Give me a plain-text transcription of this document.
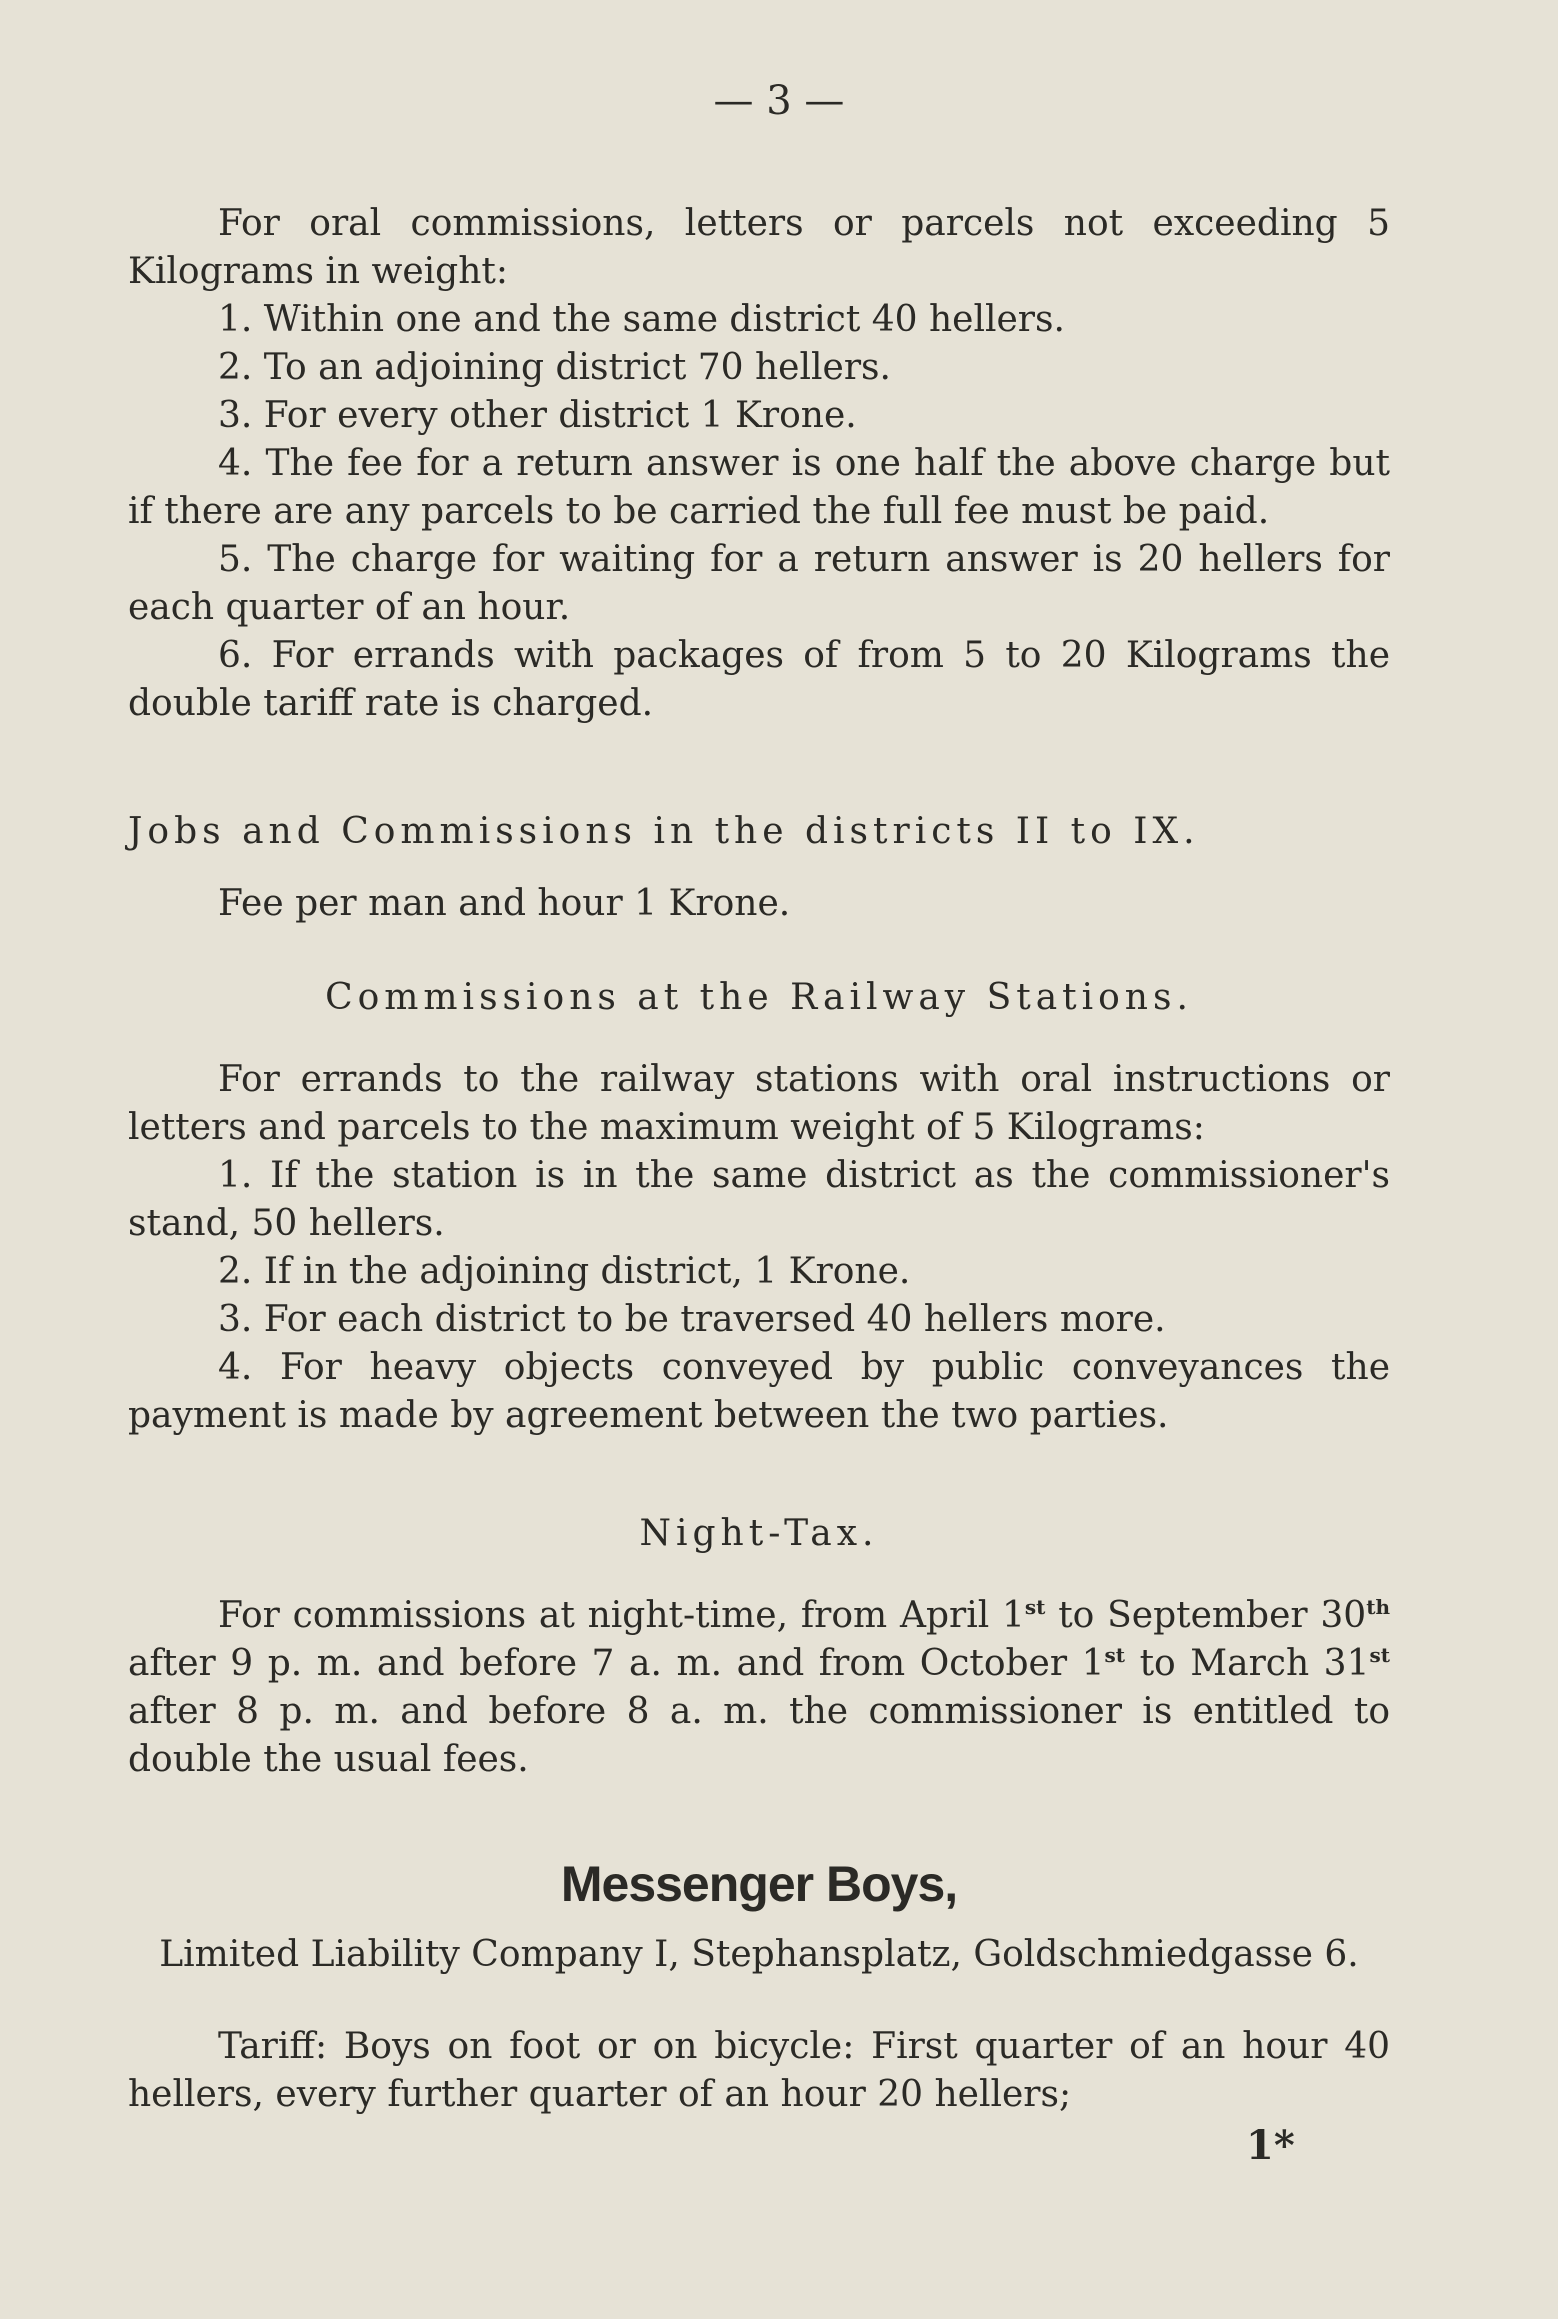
— 3 —

For oral commissions, letters or parcels not exceeding 5 Kilograms in weight:

1. Within one and the same district 40 hellers.

2. To an adjoining district 70 hellers.

3. For every other district 1 Krone.

4. The fee for a return answer is one half the above charge but if there are any parcels to be carried the full fee must be paid.

5. The charge for waiting for a return answer is 20 hellers for each quarter of an hour.

6. For errands with packages of from 5 to 20 Kilograms the double tariff rate is charged.

Jobs and Commissions in the districts II to IX.

Fee per man and hour 1 Krone.

Commissions at the Railway Stations.

For errands to the railway stations with oral instructions or letters and parcels to the maximum weight of 5 Kilograms:

1. If the station is in the same district as the commissioner's stand, 50 hellers.

2. If in the adjoining district, 1 Krone.

3. For each district to be traversed 40 hellers more.

4. For heavy objects conveyed by public conveyances the payment is made by agreement between the two parties.

Night-Tax.

For commissions at night-time, from April 1st to September 30th after 9 p. m. and before 7 a. m. and from October 1st to March 31st after 8 p. m. and before 8 a. m. the commissioner is entitled to double the usual fees.

Messenger Boys,

Limited Liability Company I, Stephansplatz, Goldschmiedgasse 6.

Tariff: Boys on foot or on bicycle: First quarter of an hour 40 hellers, every further quarter of an hour 20 hellers;

1*
